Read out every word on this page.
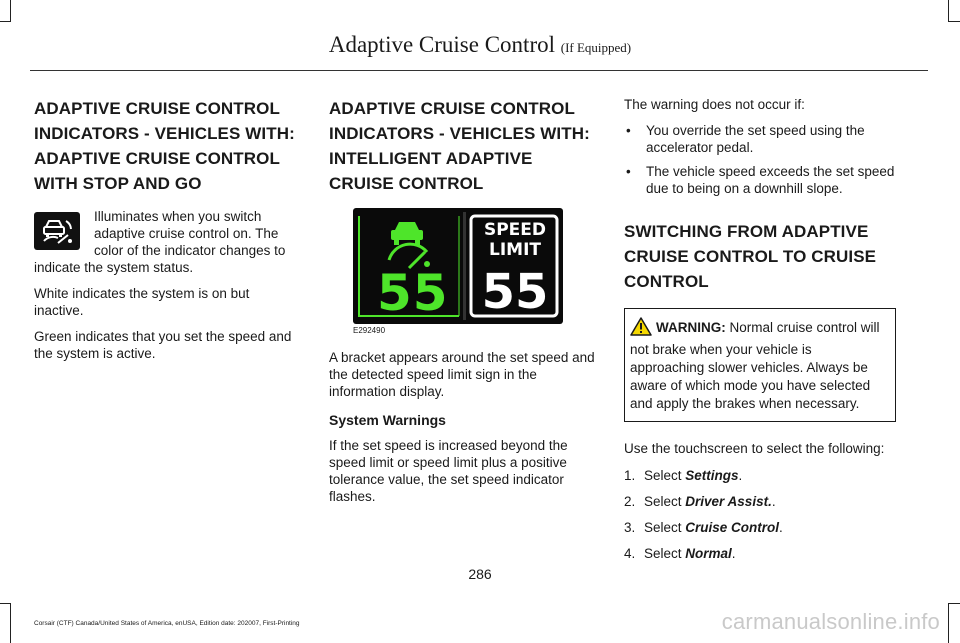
Adaptive Cruise Control (If Equipped)
ADAPTIVE CRUISE CONTROL INDICATORS - VEHICLES WITH: ADAPTIVE CRUISE CONTROL WITH STOP AND GO

Illuminates when you switch adaptive cruise control on. The color of the indicator changes to indicate the system status.

White indicates the system is on but inactive.

Green indicates that you set the speed and the system is active.

ADAPTIVE CRUISE CONTROL INDICATORS - VEHICLES WITH: INTELLIGENT ADAPTIVE CRUISE CONTROL
55
SPEED
LIMIT
55
E292490

A bracket appears around the set speed and the detected speed limit sign in the information display.

System Warnings

If the set speed is increased beyond the speed limit or speed limit plus a positive tolerance value, the set speed indicator flashes.

The warning does not occur if:

• You override the set speed using the accelerator pedal.
• The vehicle speed exceeds the set speed due to being on a downhill slope.
SWITCHING FROM ADAPTIVE CRUISE CONTROL TO CRUISE CONTROL
WARNING: Normal cruise control will not brake when your vehicle is approaching slower vehicles. Always be aware of which mode you have selected and apply the brakes when necessary.

Use the touchscreen to select the following:

1. Select Settings.
2. Select Driver Assist..
3. Select Cruise Control.
4. Select Normal.
286
Corsair (CTF) Canada/United States of America, enUSA, Edition date: 202007, First-Printing	carmanualsonline.info
